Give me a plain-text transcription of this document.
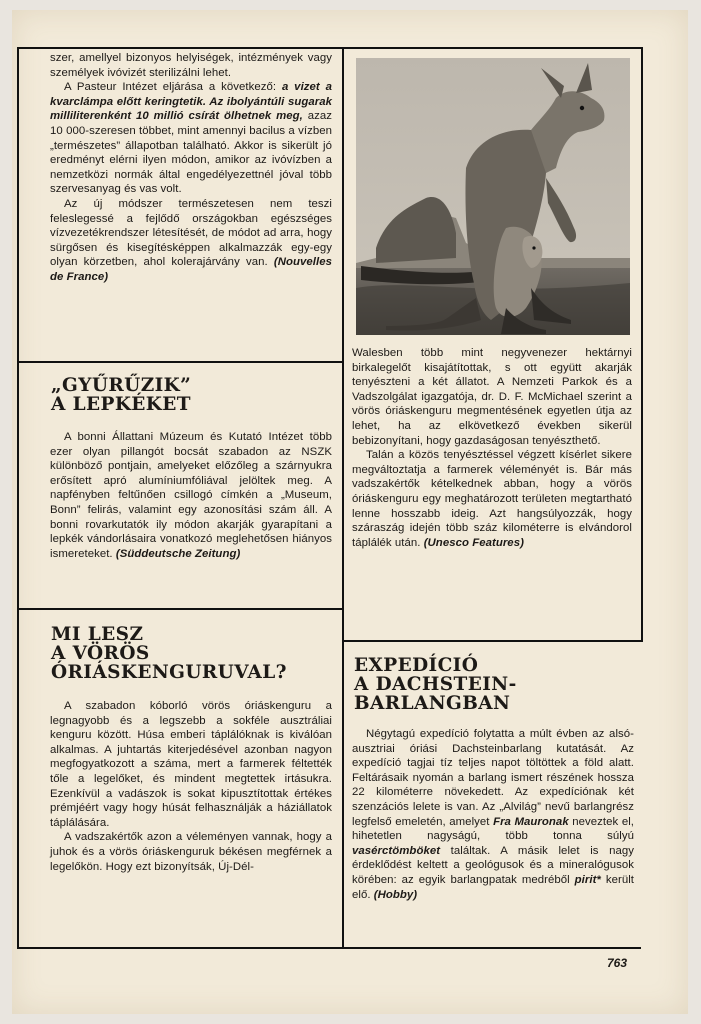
szer, amellyel bizonyos helyiségek, intézmények vagy személyek ivóvizét sterilizálni lehet.

A Pasteur Intézet eljárása a következő: a vizet a kvarclámpa előtt keringtetik. Az ibolyántúli sugarak milliliterenként 10 millió csírát ölhetnek meg, azaz 10 000-szeresen többet, mint amennyi bacilus a vízben „természetes” állapotban található. Akkor is sikerült jó eredményt elérni ilyen módon, amikor az ivóvízben a nemzetközi normák által engedélyezettnél jóval több szervesanyag és vas volt.

Az új módszer természetesen nem teszi feleslegessé a fejlődő országokban egészséges vízvezetékrendszer létesítését, de módot ad arra, hogy sürgősen és kisegítésképpen alkalmazzák egy-egy olyan körzetben, ahol kolerajárvány van. (Nouvelles de France)

„GYŰRŰZIK”
A LEPKÉKET

A bonni Állattani Múzeum és Kutató Intézet több ezer olyan pillangót bocsát szabadon az NSZK különböző pontjain, amelyeket előzőleg a szárnyukra erősített apró alumíniumfóliával jelöltek meg. A napfényben feltűnően csillogó címkén a „Museum, Bonn” felirás, valamint egy azonosítási szám áll. A bonni rovarkutatók ily módon akarják gyarapítani a lepkék vándorlásaira vonatkozó meglehetősen hiányos ismereteket. (Süddeutsche Zeitung)

MI LESZ
A VÖRÖS
ÓRIÁSKENGURUVAL?

A szabadon kóborló vörös óriáskenguru a legnagyobb és a legszebb a sokféle ausztráliai kenguru között. Húsa emberi táplálóknak is kiválóan alkalmas. A juhtartás kiterjedésével azonban nagyon megfogyatkozott a száma, mert a farmerek féltették tőle a legelőket, és mindent megtettek irtásukra. Ezenkívül a vadászok is sokat kipusztítottak értékes prémjéért vagy hogy húsát felhasználják a háziállatok táplálására.

A vadszakértők azon a véleményen vannak, hogy a juhok és a vörös óriáskenguruk békésen megférnek a legelőkön. Hogy ezt bizonyítsák, Új-Dél-

Walesben több mint negyvenezer hektárnyi birkalegelőt kisajátítottak, s ott együtt akarják tenyészteni a két állatot. A Nemzeti Parkok és a Vadszolgálat igazgatója, dr. D. F. McMichael szerint a vörös óriáskenguru megmentésének egyetlen útja az lehet, ha az elkövetkező években sikerül bebizonyítani, hogy gazdaságosan tenyészthető.

Talán a közös tenyésztéssel végzett kísérlet sikere megváltoztatja a farmerek véleményét is. Bár más vadszakértők kételkednek abban, hogy a vörös óriáskenguru egy meghatározott területen megtartható lenne hosszabb ideig. Azt hangsúlyozzák, hogy száraszág idején több száz kilométerre is elvándorol táplálék után. (Unesco Features)

EXPEDÍCIÓ
A DACHSTEIN-
BARLANGBAN

Négytagú expedíció folytatta a múlt évben az alsó-ausztriai óriási Dachsteinbarlang kutatását. Az expedíció tagjai tíz teljes napot töltöttek a föld alatt. Feltárásaik nyomán a barlang ismert részének hossza 22 kilométerre növekedett. Az expedíciónak két szenzációs lelete is van. Az „Alvilág” nevű barlangrész legfelső emeletén, amelyet Fra Mauronak neveztek el, hihetetlen nagyságú, több tonna súlyú vasérctömböket találtak. A másik lelet is nagy érdeklődést keltett a geológusok és a mineralógusok körében: az egyik barlangpatak medréből pirit* került elő. (Hobby)

763
